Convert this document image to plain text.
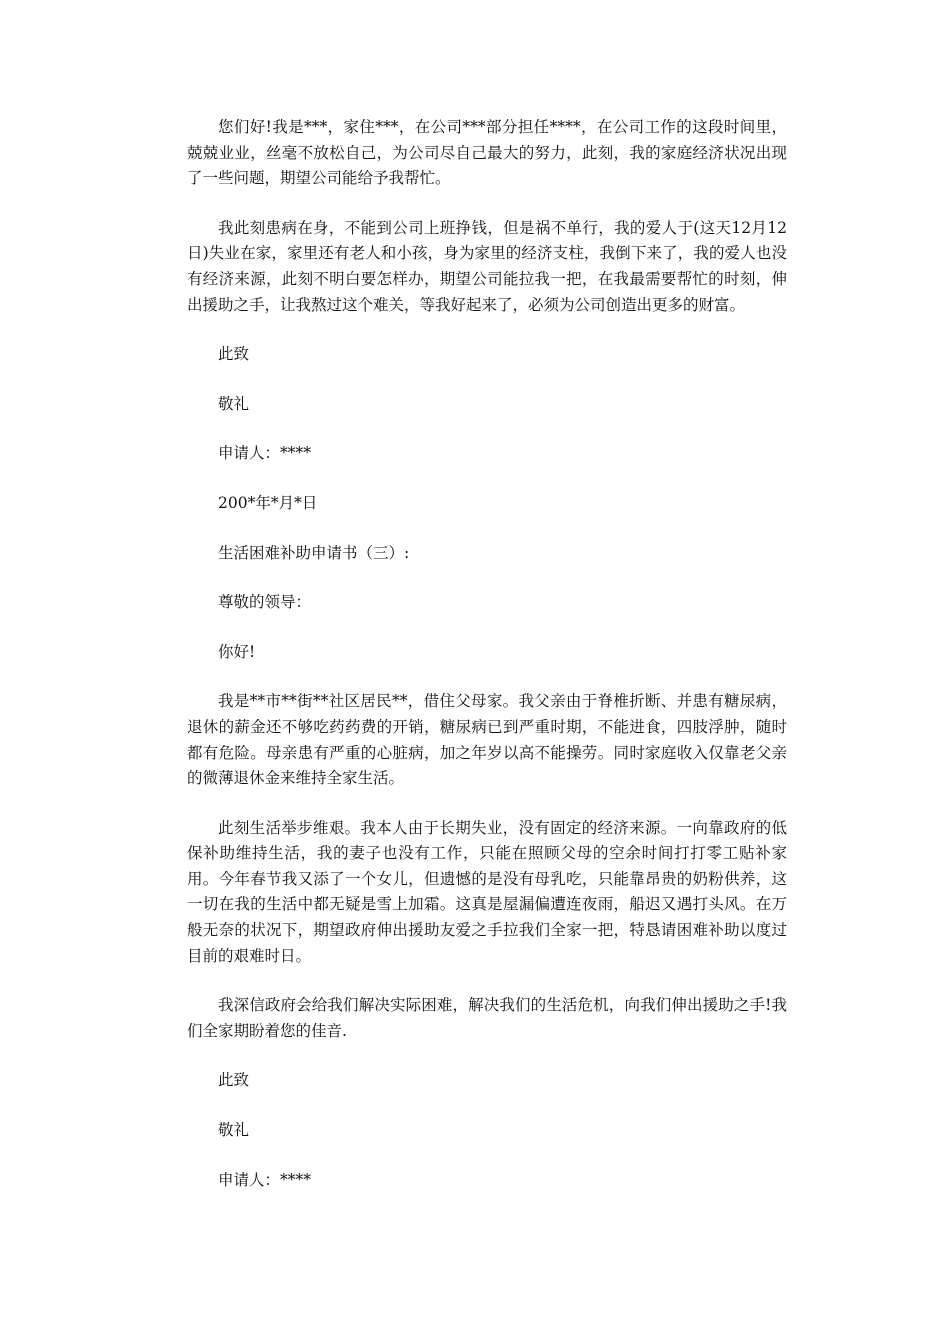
您们好!我是***，家住***，在公司***部分担任****，在公司工作的这段时间里，兢兢业业，丝毫不放松自己，为公司尽自己最大的努力，此刻，我的家庭经济状况出现了一些问题，期望公司能给予我帮忙。

我此刻患病在身，不能到公司上班挣钱，但是祸不单行，我的爱人于(这天12月12日)失业在家，家里还有老人和小孩，身为家里的经济支柱，我倒下来了，我的爱人也没有经济来源，此刻不明白要怎样办，期望公司能拉我一把，在我最需要帮忙的时刻，伸出援助之手，让我熬过这个难关，等我好起来了，必须为公司创造出更多的财富。

此致

敬礼

申请人：****

200*年*月*日

生活困难补助申请书（三）:

尊敬的领导：

你好!

我是**市**街**社区居民**，借住父母家。我父亲由于脊椎折断、并患有糖尿病，退休的薪金还不够吃药药费的开销，糖尿病已到严重时期，不能进食，四肢浮肿，随时都有危险。母亲患有严重的心脏病，加之年岁以高不能操劳。同时家庭收入仅靠老父亲的微薄退休金来维持全家生活。

此刻生活举步维艰。我本人由于长期失业，没有固定的经济来源。一向靠政府的低保补助维持生活，我的妻子也没有工作，只能在照顾父母的空余时间打打零工贴补家用。今年春节我又添了一个女儿，但遗憾的是没有母乳吃，只能靠昂贵的奶粉供养，这一切在我的生活中都无疑是雪上加霜。这真是屋漏偏遭连夜雨，船迟又遇打头风。在万般无奈的状况下，期望政府伸出援助友爱之手拉我们全家一把，特恳请困难补助以度过目前的艰难时日。

我深信政府会给我们解决实际困难，解决我们的生活危机，向我们伸出援助之手!我们全家期盼着您的佳音.

此致

敬礼

申请人：****
